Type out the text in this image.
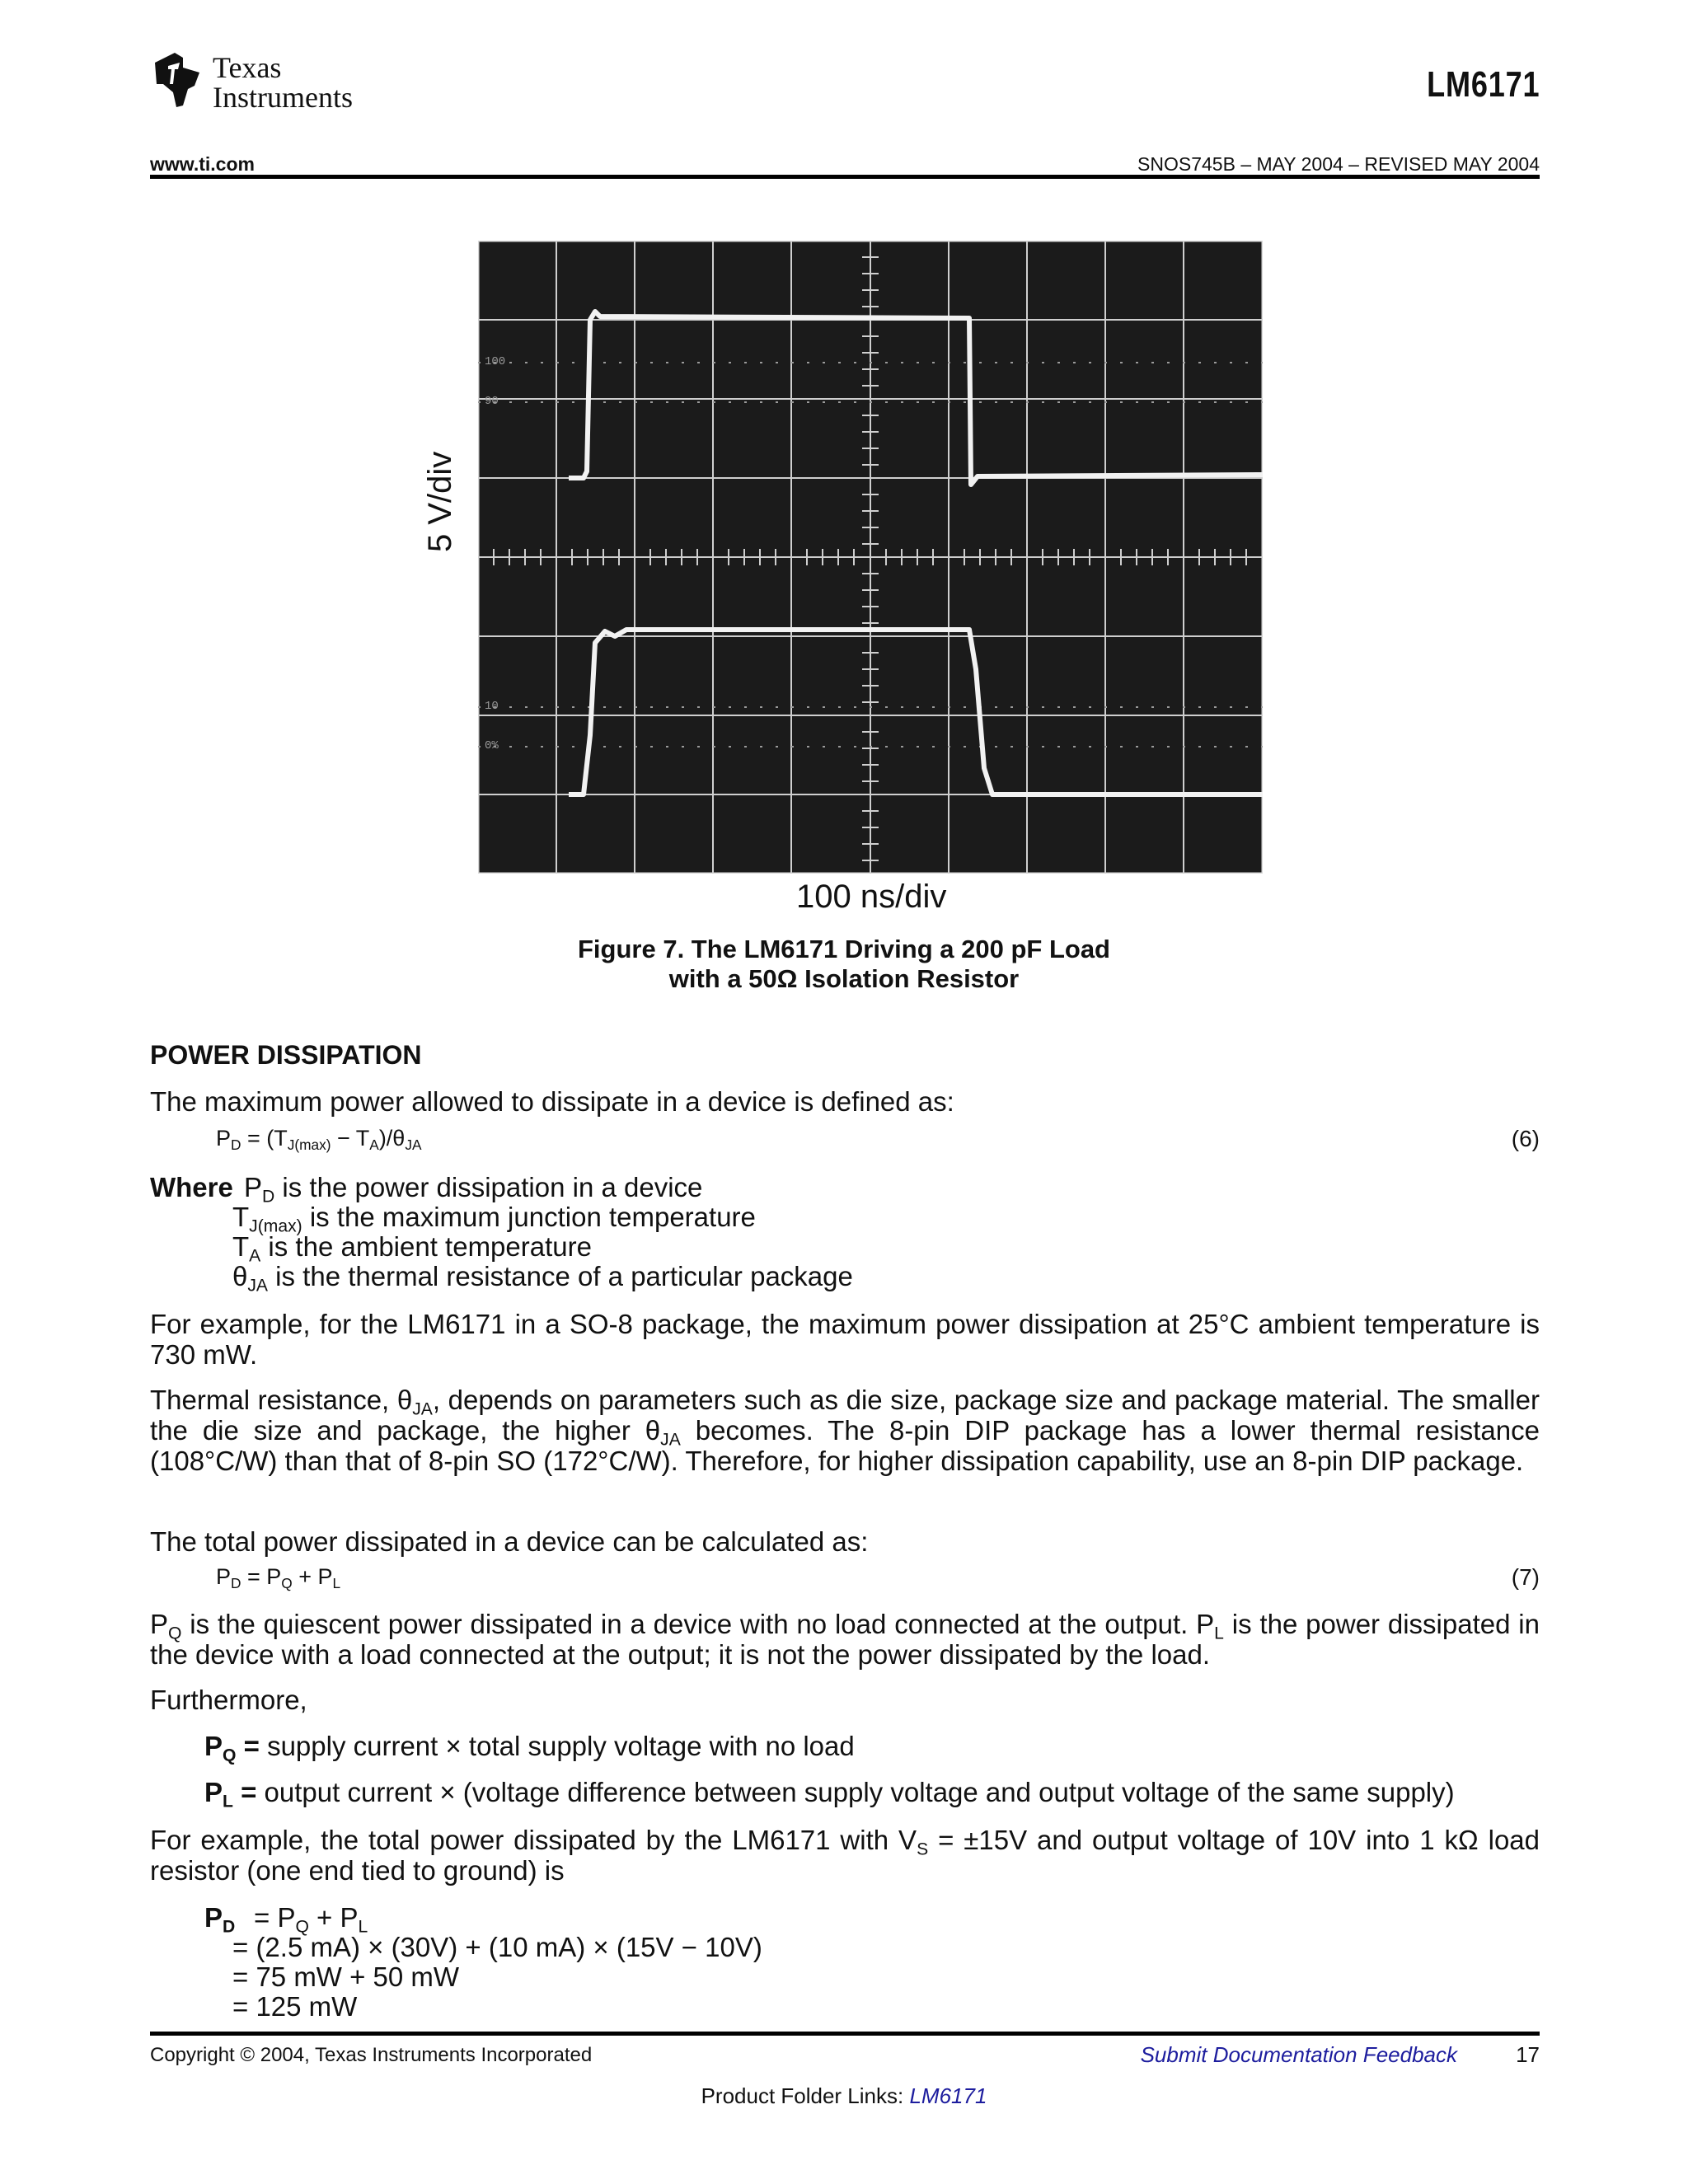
Texas
Instruments	LM6171
www.ti.com	SNOS745B – MAY 2004 – REVISED MAY 2004
100
90
10
0%
5 V/div
100 ns/div
Figure 7. The LM6171 Driving a 200 pF Load
with a 50Ω Isolation Resistor
POWER DISSIPATION
The maximum power allowed to dissipate in a device is defined as:
$P_D = (T_{J(max)} - T_A)/\theta_{JA}$	(6)
Where $P_D$ is the power dissipation in a device
$T_{J(max)}$ is the maximum junction temperature
$T_A$ is the ambient temperature
$\theta_{JA}$ is the thermal resistance of a particular package
For example, for the LM6171 in a SO-8 package, the maximum power dissipation at 25°C ambient temperature is 730 mW.
Thermal resistance, $\theta_{JA}$, depends on parameters such as die size, package size and package material. The smaller the die size and package, the higher $\theta_{JA}$ becomes. The 8-pin DIP package has a lower thermal resistance (108°C/W) than that of 8-pin SO (172°C/W). Therefore, for higher dissipation capability, use an 8-pin DIP package.
The total power dissipated in a device can be calculated as:
$P_D = P_Q + P_L$	(7)
$P_Q$ is the quiescent power dissipated in a device with no load connected at the output. $P_L$ is the power dissipated in the device with a load connected at the output; it is not the power dissipated by the load.
Furthermore,
$P_Q$ = supply current × total supply voltage with no load
$P_L$ = output current × (voltage difference between supply voltage and output voltage of the same supply)
For example, the total power dissipated by the LM6171 with $V_S = \pm 15V$ and output voltage of 10V into 1 kΩ load resistor (one end tied to ground) is
$P_D = P_Q + P_L$
= (2.5 mA) × (30V) + (10 mA) × (15V − 10V)
= 75 mW + 50 mW
= 125 mW
Copyright © 2004, Texas Instruments Incorporated	Submit Documentation Feedback	17
Product Folder Links: LM6171
